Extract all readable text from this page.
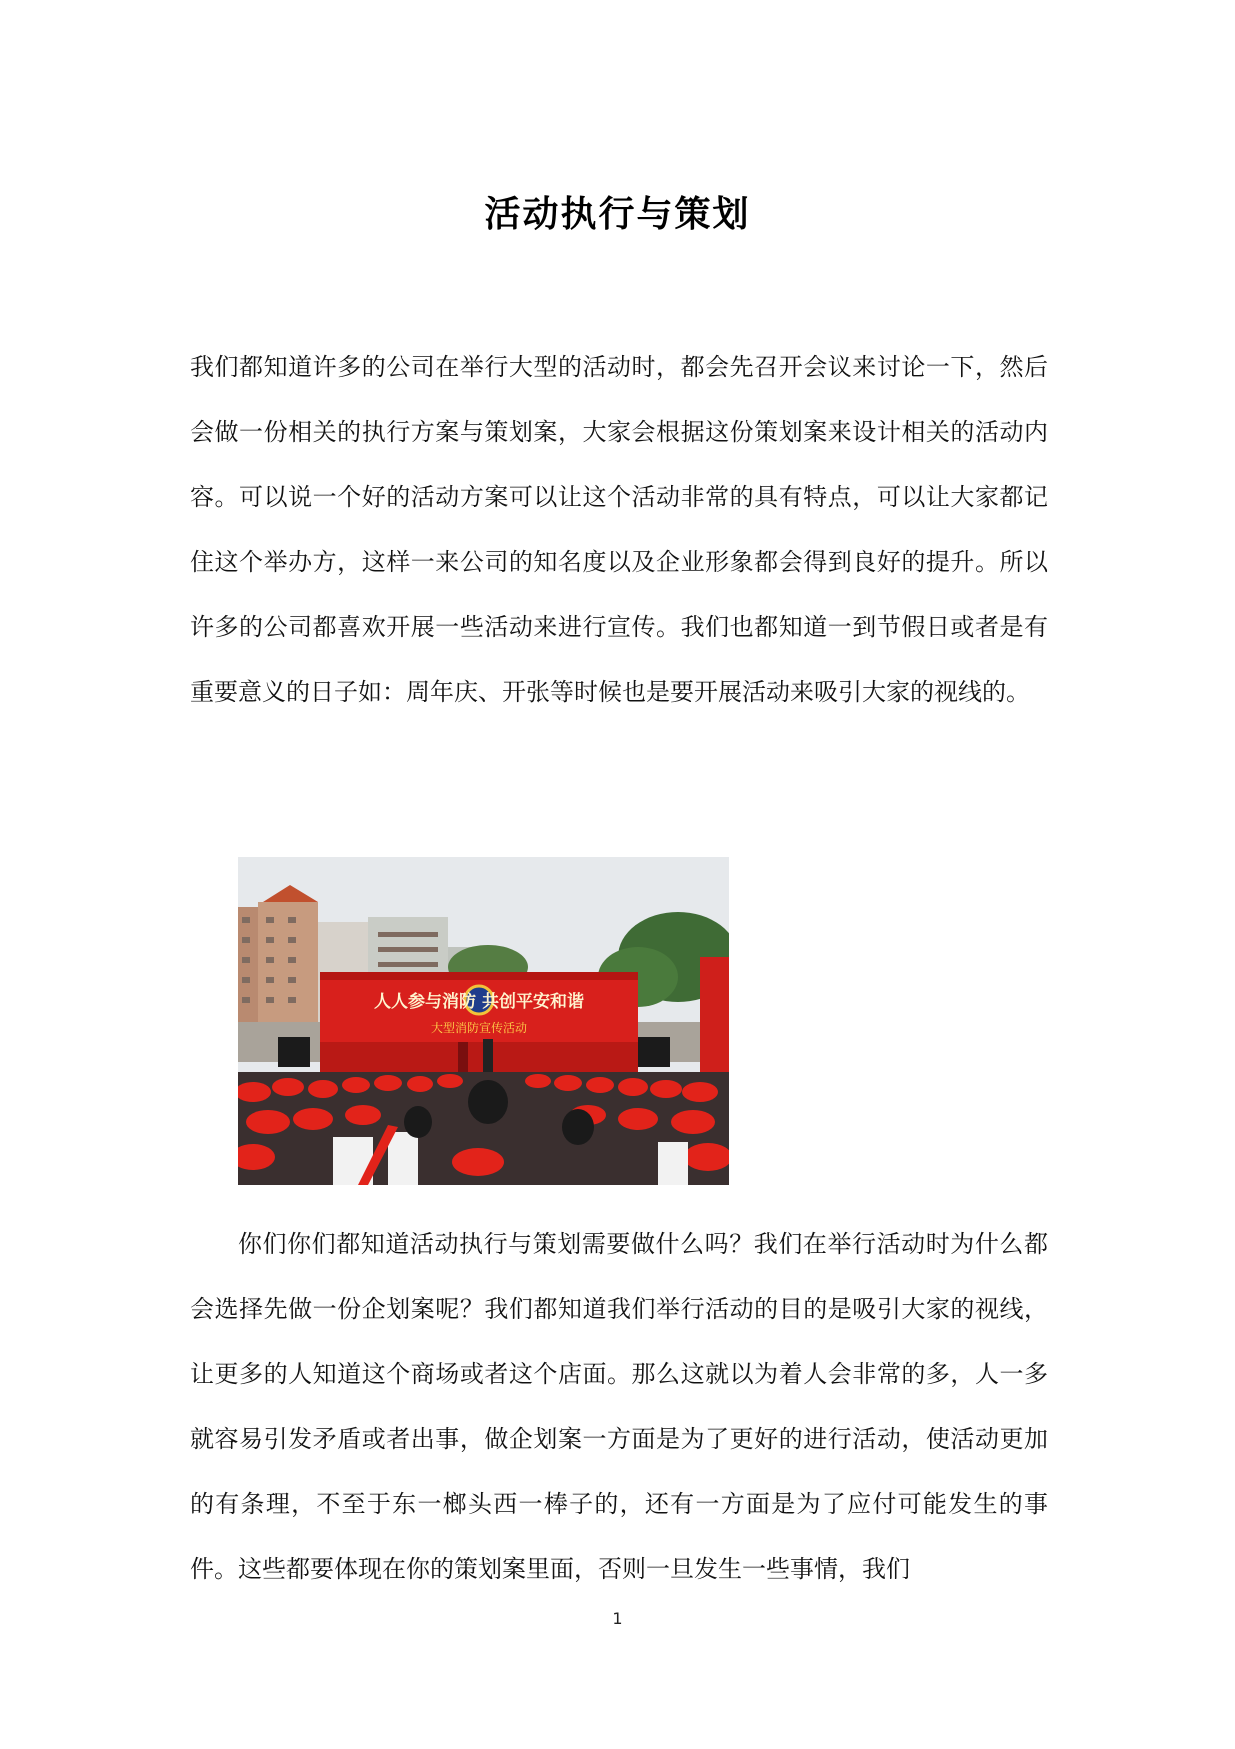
活动执行与策划

我们都知道许多的公司在举行大型的活动时，都会先召开会议来讨论一下，然后会做一份相关的执行方案与策划案，大家会根据这份策划案来设计相关的活动内容。可以说一个好的活动方案可以让这个活动非常的具有特点，可以让大家都记住这个举办方，这样一来公司的知名度以及企业形象都会得到良好的提升。所以许多的公司都喜欢开展一些活动来进行宣传。我们也都知道一到节假日或者是有重要意义的日子如：周年庆、开张等时候也是要开展活动来吸引大家的视线的。

人人参与消防 共创平安和谐
大型消防宣传活动

你们你们都知道活动执行与策划需要做什么吗？我们在举行活动时为什么都会选择先做一份企划案呢？我们都知道我们举行活动的目的是吸引大家的视线，让更多的人知道这个商场或者这个店面。那么这就以为着人会非常的多，人一多就容易引发矛盾或者出事，做企划案一方面是为了更好的进行活动，使活动更加的有条理，不至于东一榔头西一棒子的，还有一方面是为了应付可能发生的事件。这些都要体现在你的策划案里面，否则一旦发生一些事情，我们

1
